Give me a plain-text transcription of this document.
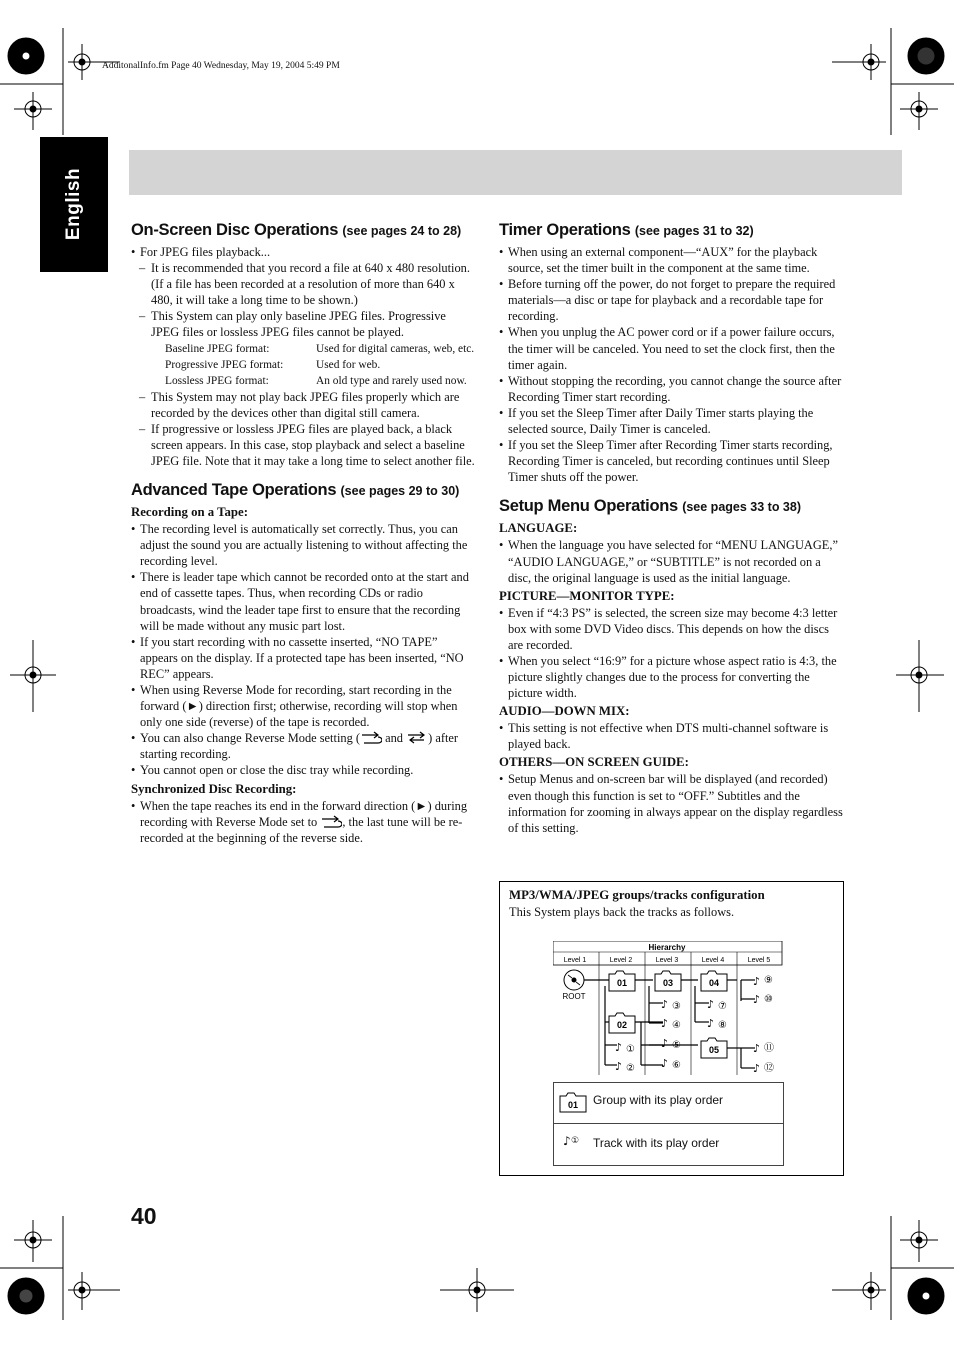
AdditonalInfo.fm Page 40 Wednesday, May 19, 2004 5:49 PM
English	On-Screen Disc Operations (see pages 24 to 28)
• For JPEG files playback...
– It is recommended that you record a file at 640 x 480 resolution. (If a file has been recorded at a resolution of more than 640 x 480, it will take a long time to be shown.)
– This System can play only baseline JPEG files. Progressive JPEG files or lossless JPEG files cannot be played.
Baseline JPEG format:	Used for digital cameras, web, etc.
Progressive JPEG format:	Used for web.
Lossless JPEG format:	An old type and rarely used now.
– This System may not play back JPEG files properly which are recorded by the devices other than digital still camera.
– If progressive or lossless JPEG files are played back, a black screen appears. In this case, stop playback and select a baseline JPEG file. Note that it may take a long time to select another file.
Advanced Tape Operations (see pages 29 to 30)
Recording on a Tape:
• The recording level is automatically set correctly. Thus, you can adjust the sound you are actually listening to without affecting the recording level.
• There is leader tape which cannot be recorded onto at the start and end of cassette tapes. Thus, when recording CDs or radio broadcasts, wind the leader tape first to ensure that the recording will be made without any music part lost.
• If you start recording with no cassette inserted, “NO TAPE” appears on the display. If a protected tape has been inserted, “NO REC” appears.
• When using Reverse Mode for recording, start recording in the forward (►) direction first; otherwise, recording will stop when only one side (reverse) of the tape is recorded.
• You can also change Reverse Mode setting ( and ) after starting recording.
• You cannot open or close the disc tray while recording.
Synchronized Disc Recording:
• When the tape reaches its end in the forward direction (►) during recording with Reverse Mode set to , the last tune will be re-recorded at the beginning of the reverse side.
Timer Operations (see pages 31 to 32)
• When using an external component—“AUX” for the playback source, set the timer built in the component at the same time.
• Before turning off the power, do not forget to prepare the required materials—a disc or tape for playback and a recordable tape for recording.
• When you unplug the AC power cord or if a power failure occurs, the timer will be canceled. You need to set the clock first, then the timer again.
• Without stopping the recording, you cannot change the source after Recording Timer start recording.
• If you set the Sleep Timer after Daily Timer starts playing the selected source, Daily Timer is canceled.
• If you set the Sleep Timer after Recording Timer starts recording, Recording Timer is canceled, but recording continues until Sleep Timer shuts off the power.
Setup Menu Operations (see pages 33 to 38)
LANGUAGE:
• When the language you have selected for “MENU LANGUAGE,” “AUDIO LANGUAGE,” or “SUBTITLE” is not recorded on a disc, the original language is used as the initial language.
PICTURE—MONITOR TYPE:
• Even if “4:3 PS” is selected, the screen size may become 4:3 letter box with some DVD Video discs. This depends on how the discs are recorded.
• When you select “16:9” for a picture whose aspect ratio is 4:3, the picture slightly changes due to the process for converting the picture width.
AUDIO—DOWN MIX:
• This setting is not effective when DTS multi-channel software is played back.
OTHERS—ON SCREEN GUIDE:
• Setup Menus and on-screen bar will be displayed (and recorded) even though this function is set to “OFF.” Subtitles and the information for zooming in always appear on the display regardless of this setting.
MP3/WMA/JPEG groups/tracks configuration
This System plays back the tracks as follows.
Hierarchy
Level 1	Level 2	Level 3	Level 4	Level 5
ROOT
01
02
03	04
05
♪ ①
♪ ②
♪ ③
♪ ④
♪ ⑤
♪ ⑥
♪ ⑦
♪ ⑧
♪ ⑨
♪ ⑩
♪ ⑪
♪ ⑫
01 Group with its play order
♪ ① Track with its play order
40
